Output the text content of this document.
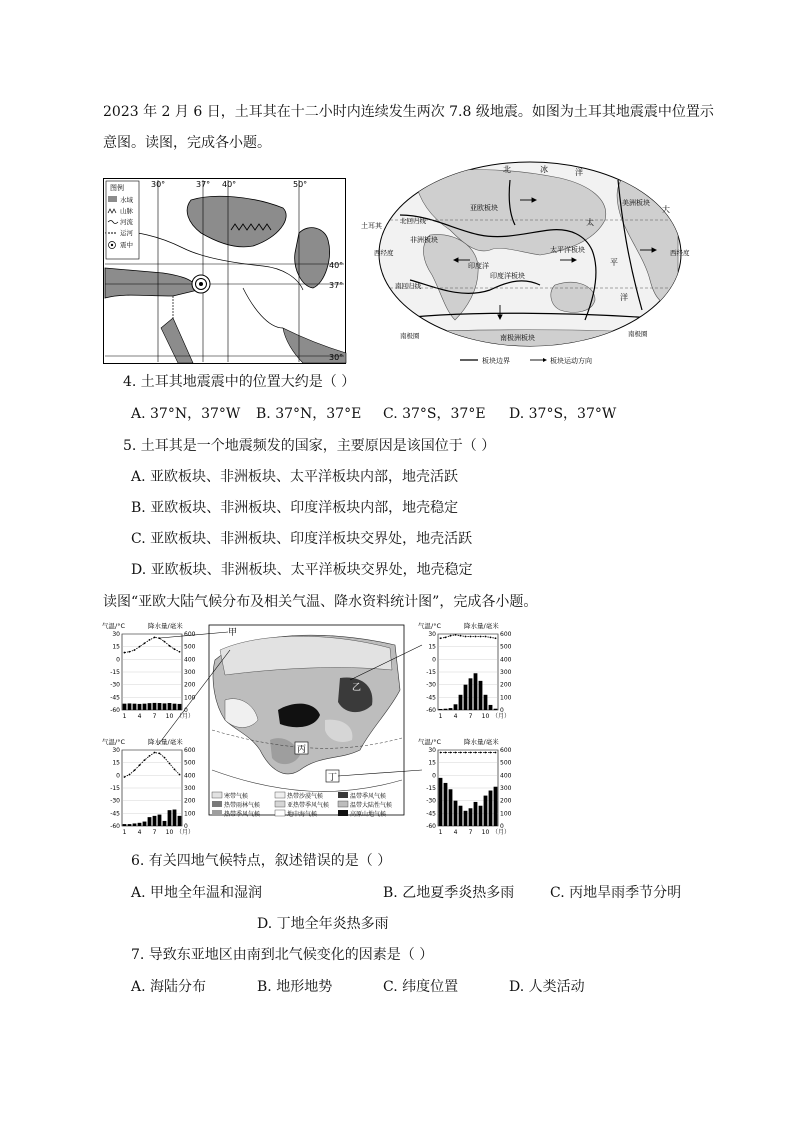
2023 年 2 月 6 日，土耳其在十二小时内连续发生两次 7.8 级地震。如图为土耳其地震震中位置示
意图。读图，完成各小题。
图例
水域
山脉
河流
运河
震中
30°	37° 40°	50°
40°
37°
30°
北	冰	洋
土耳其
亚欧板块
美洲板块
太平洋板块
非洲板块
印度洋板块
北回归线
南回归线
印度洋
南极洲板块
太
平
大
洋
西经度	西经度
南极圈	南极圈
板块边界	板块运动方向
4. 土耳其地震震中的位置大约是（ ）
A. 37°N，37°W B. 37°N，37°E C. 37°S，37°E D. 37°S，37°W
5. 土耳其是一个地震频发的国家，主要原因是该国位于（ ）
A. 亚欧板块、非洲板块、太平洋板块内部，地壳活跃
B. 亚欧板块、非洲板块、印度洋板块内部，地壳稳定
C. 亚欧板块、非洲板块、印度洋板块交界处，地壳活跃
D. 亚欧板块、非洲板块、太平洋板块交界处，地壳稳定
读图“亚欧大陆气候分布及相关气温、降水资料统计图”，完成各小题。
丙
丁
甲
乙
寒带气候	热带沙漠气候	温带季风气候
热带雨林气候	亚热带季风气候	温带大陆性气候
热带季风气候	地中海气候	高原山地气候
气温/°C	降水量/毫米
30	600
15	500
0	400
-15	300
-30	200
-45	100
-60	0
1 4 7 10 （月）
气温/°C	降水量/毫米
30	600
15	500
0	400
-15	300
-30	200
-45	100
-60	0
1 4 7 10 （月）
气温/°C	降水量/毫米
30	600
15	500
0	400
-15	300
-30	200
-45	100
-60	0
1 4 7 10 （月）
气温/°C	降水量/毫米
30	600
15	500
0	400
-15	300
-30	200
-45	100
-60	0
1 4 7 10 （月）
6. 有关四地气候特点，叙述错误的是（ ）
A. 甲地全年温和湿润	B. 乙地夏季炎热多雨	C. 丙地旱雨季节分明
D. 丁地全年炎热多雨
7. 导致东亚地区由南到北气候变化的因素是（ ）
A. 海陆分布	B. 地形地势	C. 纬度位置	D. 人类活动
